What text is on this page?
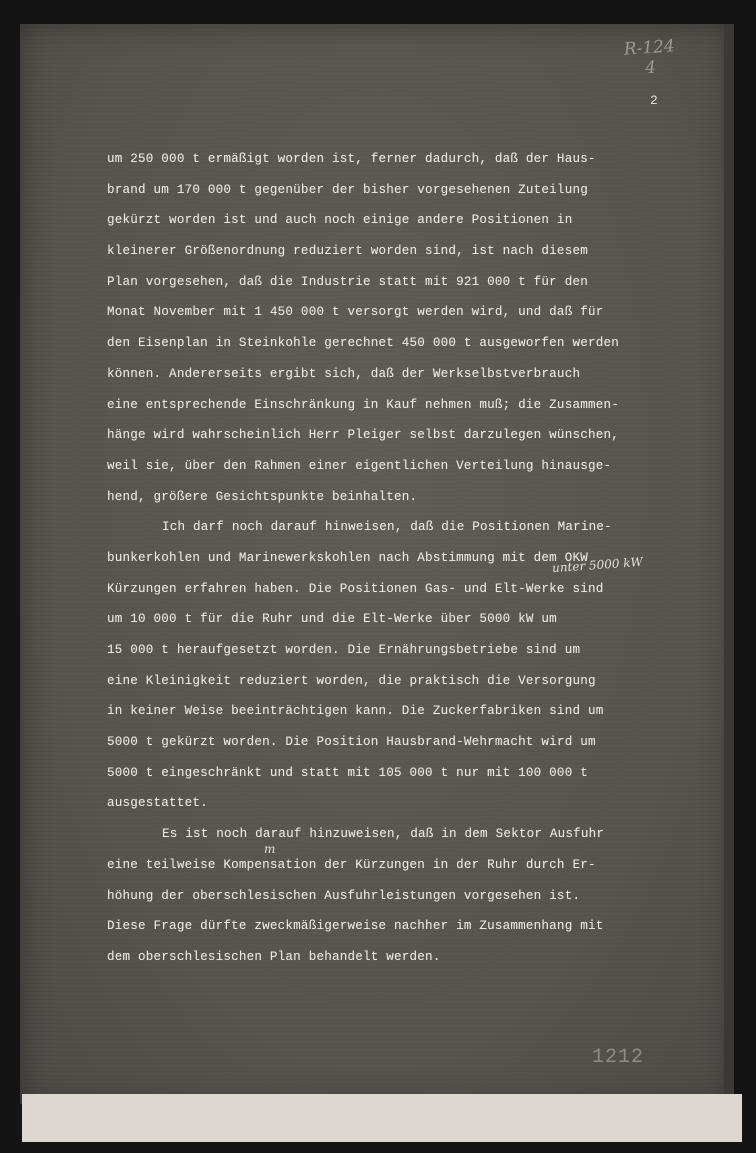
R-124
4
2
um 250 000 t ermäßigt worden ist, ferner dadurch, daß der Haus-
brand um 170 000 t gegenüber der bisher vorgesehenen Zuteilung
gekürzt worden ist und auch noch einige andere Positionen in
kleinerer Größenordnung reduziert worden sind, ist nach diesem
Plan vorgesehen, daß die Industrie statt mit 921 000 t für den
Monat November mit 1 450 000 t versorgt werden wird, und daß für
den Eisenplan in Steinkohle gerechnet 450 000 t ausgeworfen werden
können. Andererseits ergibt sich, daß der Werkselbstverbrauch
eine entsprechende Einschränkung in Kauf nehmen muß; die Zusammen-
hänge wird wahrscheinlich Herr Pleiger selbst darzulegen wünschen,
weil sie, über den Rahmen einer eigentlichen Verteilung hinausge-
hend, größere Gesichtspunkte beinhalten.
Ich darf noch darauf hinweisen, daß die Positionen Marine-
bunkerkohlen und Marinewerkskohlen nach Abstimmung mit dem OKW
Kürzungen erfahren haben. Die Positionen Gas- und Elt-Werke sind
um 10 000 t für die Ruhr und die Elt-Werke über 5000 kW um
15 000 t heraufgesetzt worden. Die Ernährungsbetriebe sind um
eine Kleinigkeit reduziert worden, die praktisch die Versorgung
in keiner Weise beeinträchtigen kann. Die Zuckerfabriken sind um
5000 t gekürzt worden. Die Position Hausbrand-Wehrmacht wird um
5000 t eingeschränkt und statt mit 105 000 t nur mit 100 000 t
ausgestattet.
Es ist noch darauf hinzuweisen, daß in dem Sektor Ausfuhr
eine teilweise Kompensation der Kürzungen in der Ruhr durch Er-
höhung der oberschlesischen Ausfuhrleistungen vorgesehen ist.
Diese Frage dürfte zweckmäßigerweise nachher im Zusammenhang mit
dem oberschlesischen Plan behandelt werden.
unter 5000 kW
m
1212
